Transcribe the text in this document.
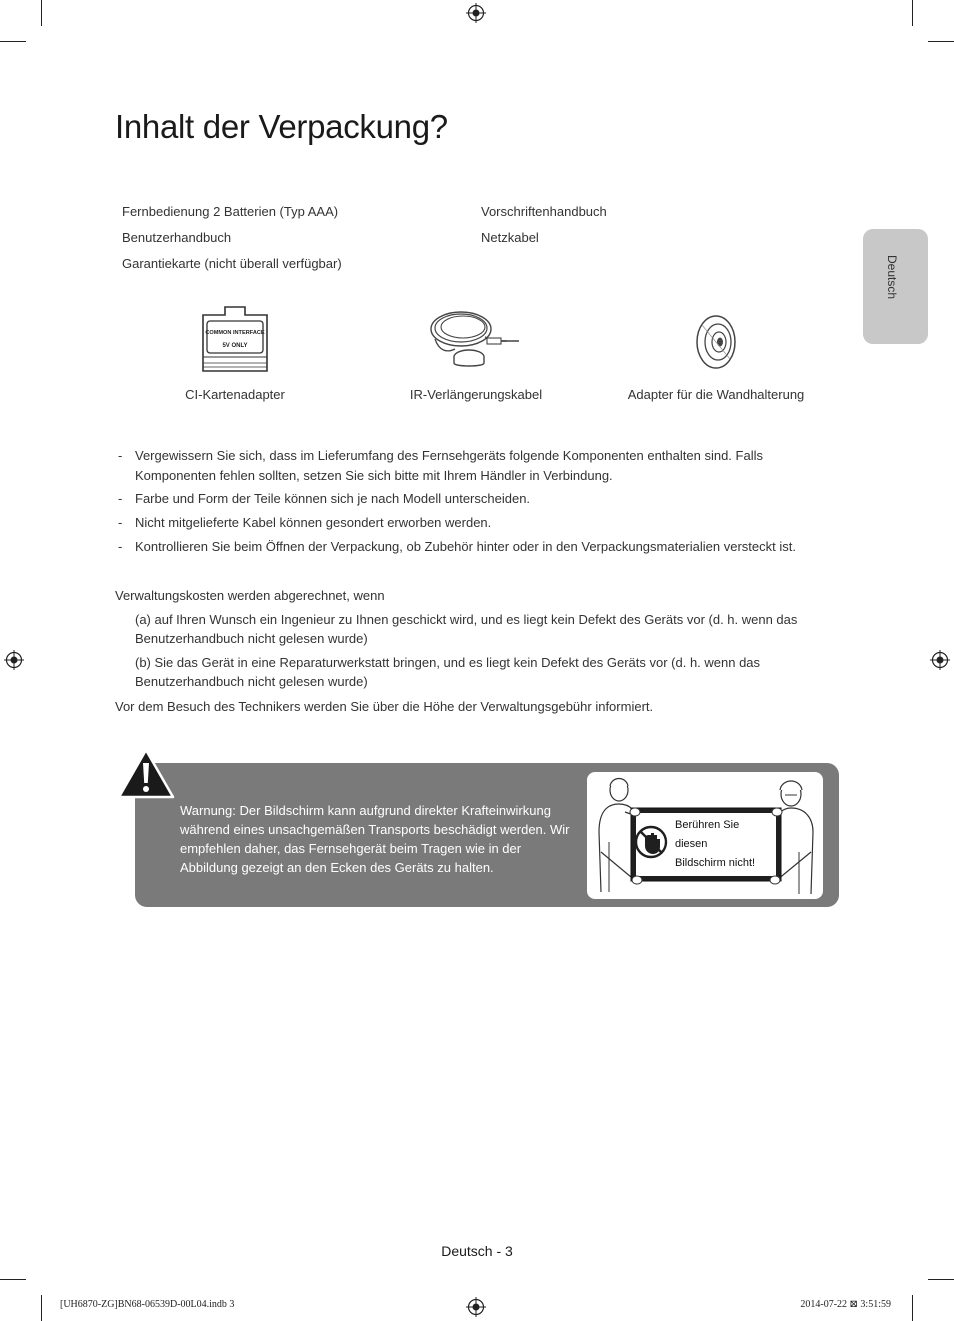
Inhalt der Verpackung?
Deutsch
Fernbedienung 2 Batterien (Typ AAA)
Benutzerhandbuch
Garantiekarte (nicht überall verfügbar)
Vorschriftenhandbuch
Netzkabel
COMMON INTERFACE
5V ONLY
CI-Kartenadapter	IR-Verlängerungskabel	Adapter für die Wandhalterung
- Vergewissern Sie sich, dass im Lieferumfang des Fernsehgeräts folgende Komponenten enthalten sind. Falls Komponenten fehlen sollten, setzen Sie sich bitte mit Ihrem Händler in Verbindung.
- Farbe und Form der Teile können sich je nach Modell unterscheiden.
- Nicht mitgelieferte Kabel können gesondert erworben werden.
- Kontrollieren Sie beim Öffnen der Verpackung, ob Zubehör hinter oder in den Verpackungsmaterialien versteckt ist.
Verwaltungskosten werden abgerechnet, wenn
(a) auf Ihren Wunsch ein Ingenieur zu Ihnen geschickt wird, und es liegt kein Defekt des Geräts vor (d. h. wenn das Benutzerhandbuch nicht gelesen wurde)
(b) Sie das Gerät in eine Reparaturwerkstatt bringen, und es liegt kein Defekt des Geräts vor (d. h. wenn das Benutzerhandbuch nicht gelesen wurde)
Vor dem Besuch des Technikers werden Sie über die Höhe der Verwaltungsgebühr informiert.
Warnung: Der Bildschirm kann aufgrund direkter Krafteinwirkung während eines unsachgemäßen Transports beschädigt werden. Wir empfehlen daher, das Fernsehgerät beim Tragen wie in der Abbildung gezeigt an den Ecken des Geräts zu halten.
Berühren Sie
diesen
Bildschirm nicht!
Deutsch - 3
[UH6870-ZG]BN68-06539D-00L04.indb 3	2014-07-22 ⊠ 3:51:59
